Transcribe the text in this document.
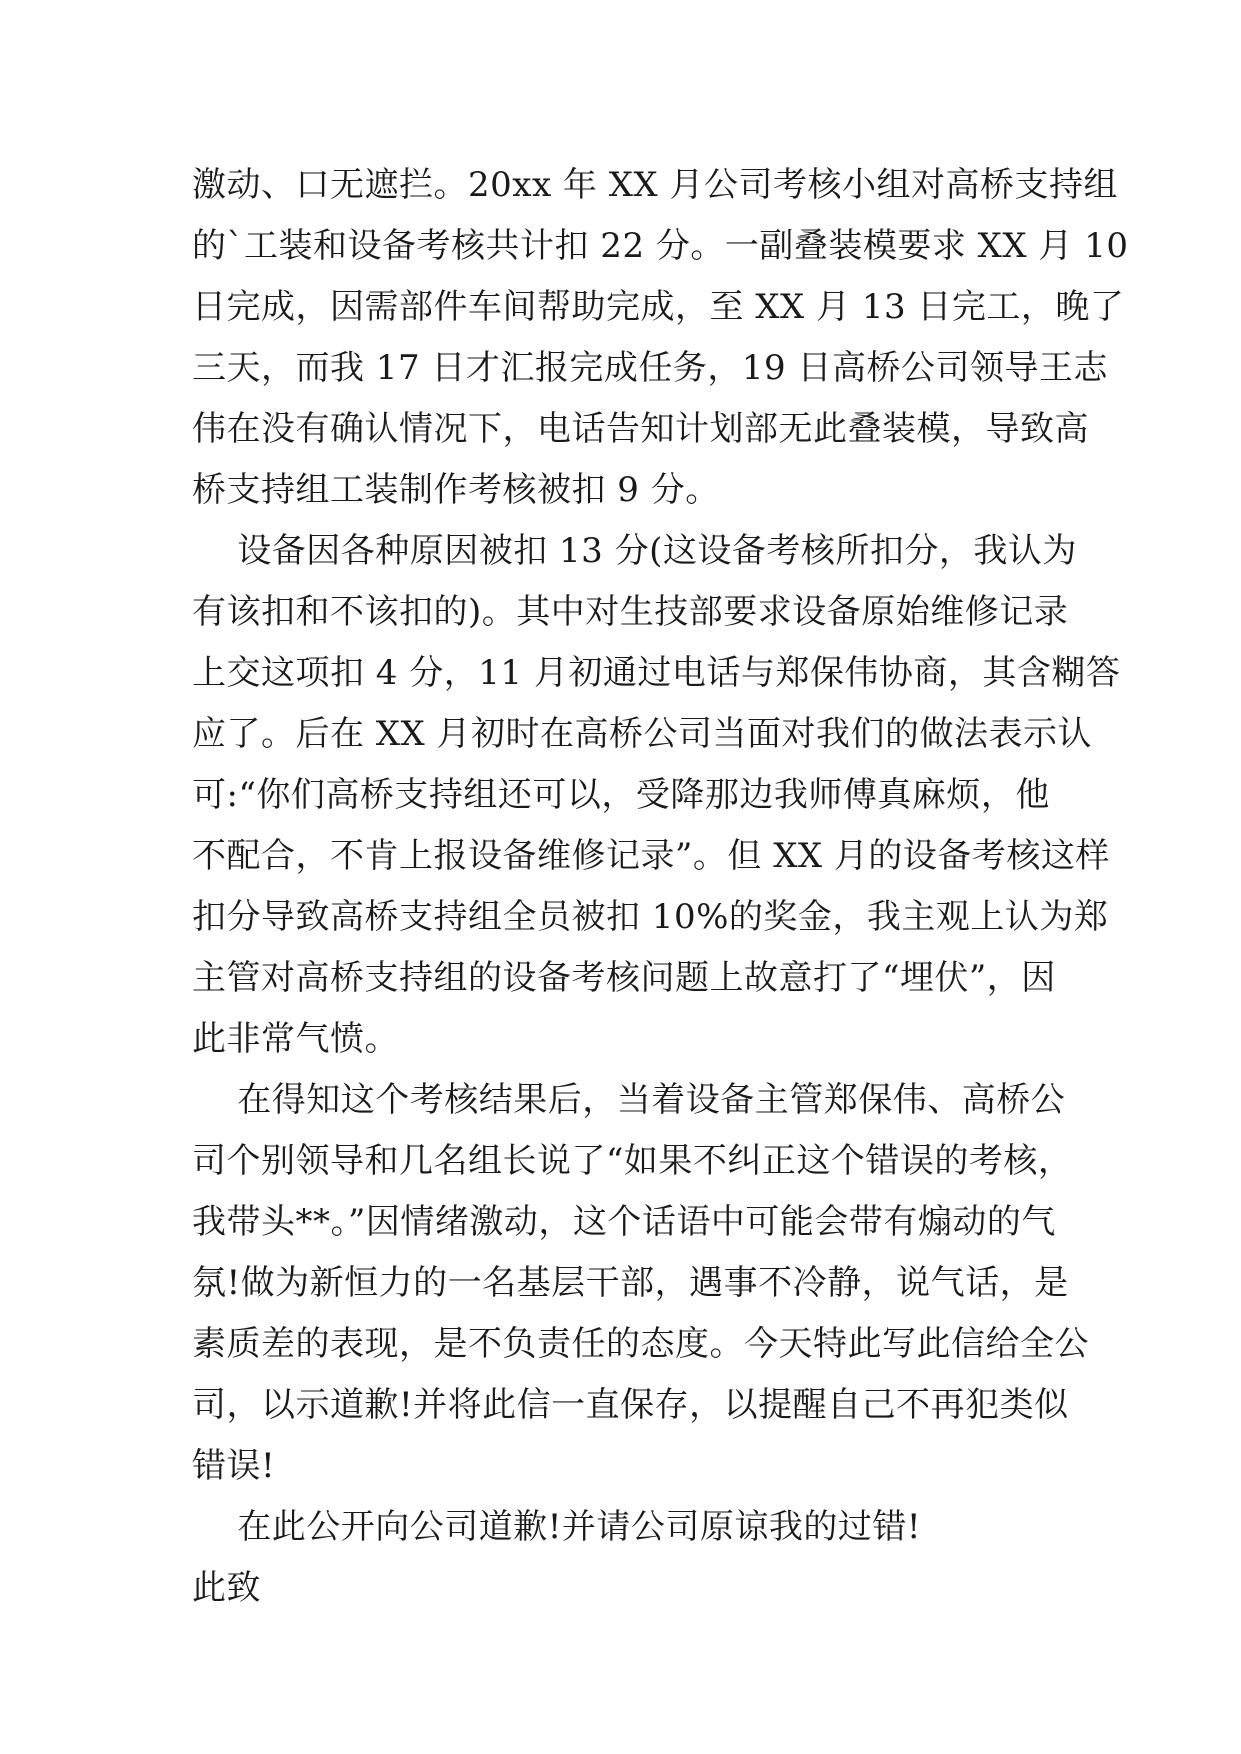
激动、口无遮拦。20xx 年 XX 月公司考核小组对高桥支持组
的`工装和设备考核共计扣 22 分。一副叠装模要求 XX 月 10
日完成，因需部件车间帮助完成，至 XX 月 13 日完工，晚了
三天，而我 17 日才汇报完成任务，19 日高桥公司领导王志
伟在没有确认情况下，电话告知计划部无此叠装模，导致高
桥支持组工装制作考核被扣 9 分。
设备因各种原因被扣 13 分(这设备考核所扣分，我认为
有该扣和不该扣的)。其中对生技部要求设备原始维修记录
上交这项扣 4 分，11 月初通过电话与郑保伟协商，其含糊答
应了。后在 XX 月初时在高桥公司当面对我们的做法表示认
可:“你们高桥支持组还可以，受降那边我师傅真麻烦，他
不配合，不肯上报设备维修记录”。但 XX 月的设备考核这样
扣分导致高桥支持组全员被扣 10%的奖金，我主观上认为郑
主管对高桥支持组的设备考核问题上故意打了“埋伏”，因
此非常气愤。
在得知这个考核结果后，当着设备主管郑保伟、高桥公
司个别领导和几名组长说了“如果不纠正这个错误的考核，
我带头**。”因情绪激动，这个话语中可能会带有煽动的气
氛!做为新恒力的一名基层干部，遇事不冷静，说气话，是
素质差的表现，是不负责任的态度。今天特此写此信给全公
司，以示道歉!并将此信一直保存，以提醒自己不再犯类似
错误!
在此公开向公司道歉!并请公司原谅我的过错!
此致
